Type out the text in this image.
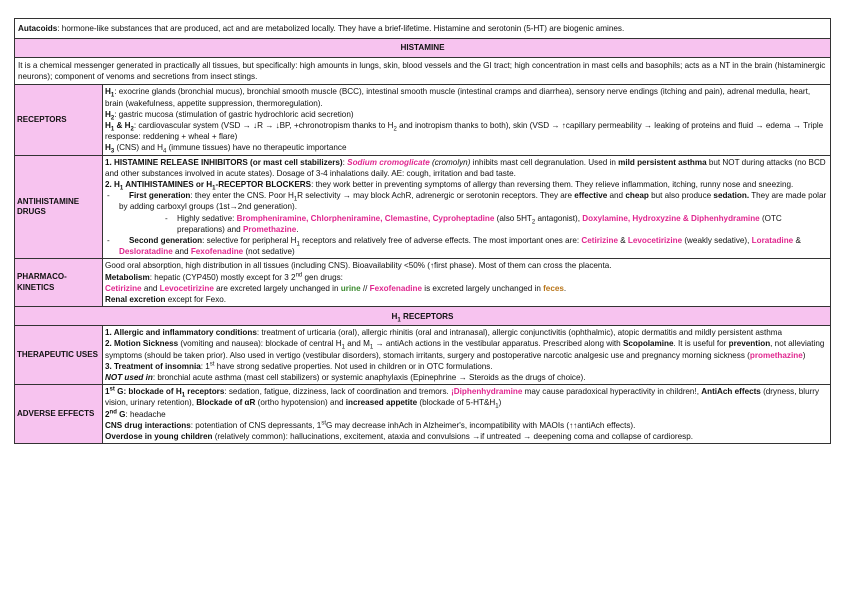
Autacoids: hormone-like substances that are produced, act and are metabolized locally. They have a brief-lifetime. Histamine and serotonin (5-HT) are biogenic amines.	
HISTAMINE	
It is a chemical messenger generated in practically all tissues, but specifically: high amounts in lungs, skin, blood vessels and the GI tract; high concentration in mast cells and basophils; acts as a NT in the brain (histaminergic neurons); component of venoms and secretions from insect stings.	
RECEPTORS	$H_1$: exocrine glands (bronchial mucus), bronchial smooth muscle (BCC), intestinal smooth muscle (intestinal cramps and diarrhea), sensory nerve endings (itching and pain), adrenal medulla, heart, brain (wakefulness, appetite suppression, thermoregulation).
$H_2$: gastric mucosa (stimulation of gastric hydrochloric acid secretion)
$H_1$ & $H_2$: cardiovascular system (VSD → ↓R → ↓BP, +chronotropism thanks to $H_2$ and inotropism thanks to both), skin (VSD → ↑capillary permeability → leaking of proteins and fluid → edema → Triple response: reddening + wheal + flare)
$H_3$ (CNS) and $H_4$ (immune tissues) have no therapeutic importance

ANTIHISTAMINE DRUGS	1. HISTAMINE RELEASE INHIBITORS (or mast cell stabilizers): Sodium cromoglicate (cromolyn) inhibits mast cell degranulation. Used in mild persistent asthma but NOT during attacks (no BCD and other substances involved in acute states). Dosage of 3-4 inhalations daily. AE: cough, irritation and bad taste.
2. $H_1$ ANTIHISTAMINES or $H_1$-RECEPTOR BLOCKERS: they work better in preventing symptoms of allergy than reversing them. They relieve inflammation, itching, runny nose and sneezing.
- First generation: they enter the CNS. Poor $H_1R$ selectivity → may block AchR, adrenergic or serotonin receptors. They are effective and cheap but also produce sedation. They are made polar by adding carboxyl groups (1st→2nd generation).
- Highly sedative: Brompheniramine, Chlorpheniramine, Clemastine, Cyproheptadine (also $5HT_2$ antagonist), Doxylamine, Hydroxyzine & Diphenhydramine (OTC preparations) and Promethazine.
- Second generation: selective for peripheral $H_1$ receptors and relatively free of adverse effects. The most important ones are: Cetirizine & Levocetirizine (weakly sedative), Loratadine & Desloratadine and Fexofenadine (not sedative)

PHARMACO-KINETICS	Good oral absorption, high distribution in all tissues (including CNS). Bioavailability <50% (↑first phase). Most of them can cross the placenta.
Metabolism: hepatic (CYP450) mostly except for 3 2nd gen drugs:
Cetirizine and Levocetirizine are excreted largely unchanged in urine // Fexofenadine is excreted largely unchanged in feces.
Renal excretion except for Fexo.

$H_1$ RECEPTORS	
THERAPEUTIC USES	1. Allergic and inflammatory conditions: treatment of urticaria (oral), allergic rhinitis (oral and intranasal), allergic conjunctivitis (ophthalmic), atopic dermatitis and mildly persistent asthma
2. Motion Sickness (vomiting and nausea): blockade of central $H_1$ and $M_1$ → antiAch actions in the vestibular apparatus. Prescribed along with Scopolamine. It is useful for prevention, not alleviating symptoms (should be taken prior). Also used in vertigo (vestibular disorders), stomach irritants, surgery and postoperative narcotic analgesic use and pregnancy morning sickness (promethazine)
3. Treatment of insomnia: 1st have strong sedative properties. Not used in children or in OTC formulations.
NOT used in: bronchial acute asthma (mast cell stabilizers) or systemic anaphylaxis (Epinephrine → Steroids as the drugs of choice).

ADVERSE EFFECTS	1st G: blockade of $H_1$ receptors: sedation, fatigue, dizziness, lack of coordination and tremors. ¡Diphenhydramine may cause paradoxical hyperactivity in children!, AntiAch effects (dryness, blurry vision, urinary retention), Blockade of αR (ortho hypotension) and increased appetite (blockade of $5-HT\&H_1$)
2nd G: headache
CNS drug interactions: potentiation of CNS depressants, 1stG may decrease inhAch in Alzheimer's, incompatibility with MAOIs (↑↑antiAch effects).
Overdose in young children (relatively common): hallucinations, excitement, ataxia and convulsions →if untreated → deepening coma and collapse of cardioresp.
